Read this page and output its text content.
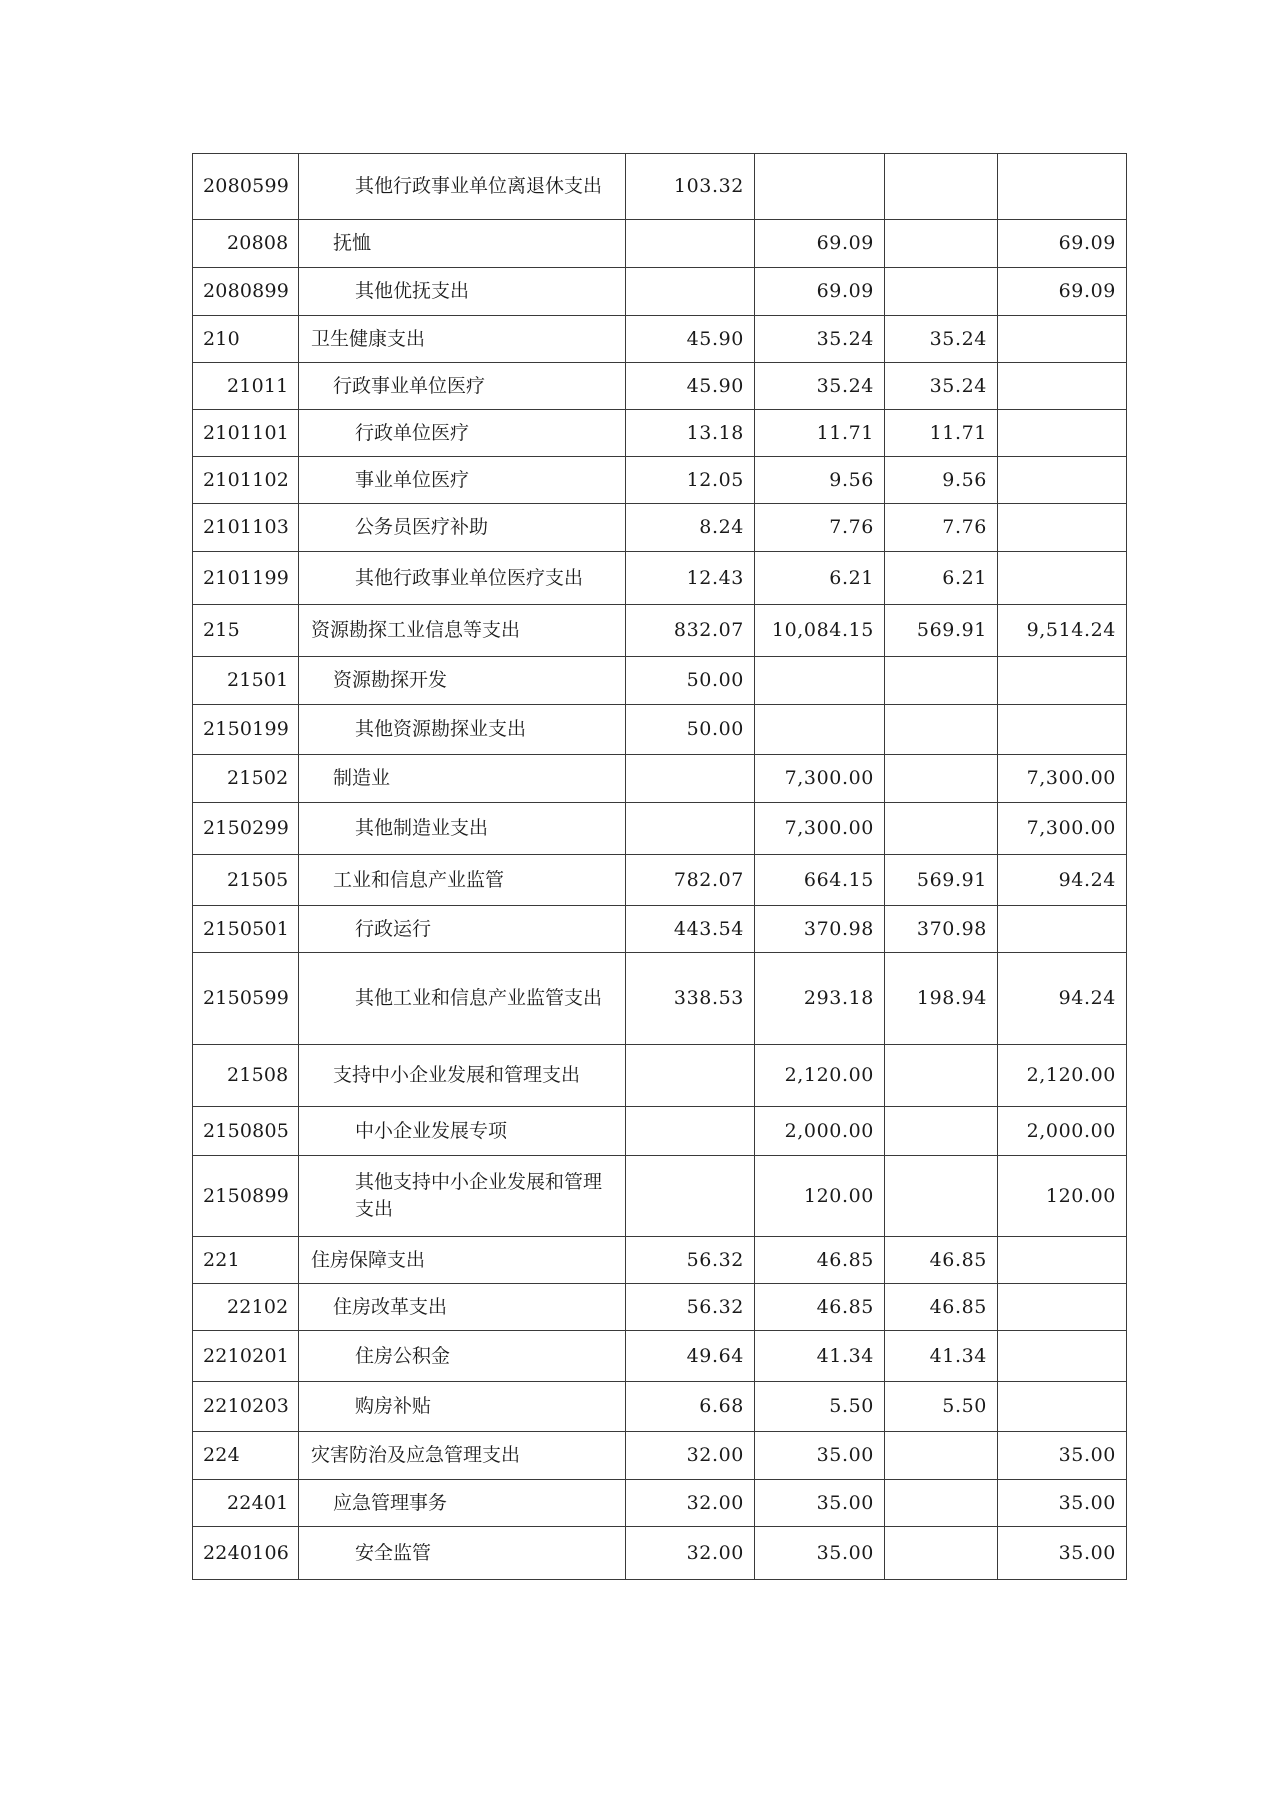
2080599	其他行政事业单位离退休支出	103.32			
20808	抚恤		69.09		69.09
2080899	其他优抚支出		69.09		69.09
210	卫生健康支出	45.90	35.24	35.24	
21011	行政事业单位医疗	45.90	35.24	35.24	
2101101	行政单位医疗	13.18	11.71	11.71	
2101102	事业单位医疗	12.05	9.56	9.56	
2101103	公务员医疗补助	8.24	7.76	7.76	
2101199	其他行政事业单位医疗支出	12.43	6.21	6.21	
215	资源勘探工业信息等支出	832.07	10,084.15	569.91	9,514.24
21501	资源勘探开发	50.00			
2150199	其他资源勘探业支出	50.00			
21502	制造业		7,300.00		7,300.00
2150299	其他制造业支出		7,300.00		7,300.00
21505	工业和信息产业监管	782.07	664.15	569.91	94.24
2150501	行政运行	443.54	370.98	370.98	
2150599	其他工业和信息产业监管支出	338.53	293.18	198.94	94.24
21508	支持中小企业发展和管理支出		2,120.00		2,120.00
2150805	中小企业发展专项		2,000.00		2,000.00
2150899	其他支持中小企业发展和管理支出		120.00		120.00
221	住房保障支出	56.32	46.85	46.85	
22102	住房改革支出	56.32	46.85	46.85	
2210201	住房公积金	49.64	41.34	41.34	
2210203	购房补贴	6.68	5.50	5.50	
224	灾害防治及应急管理支出	32.00	35.00		35.00
22401	应急管理事务	32.00	35.00		35.00
2240106	安全监管	32.00	35.00		35.00
